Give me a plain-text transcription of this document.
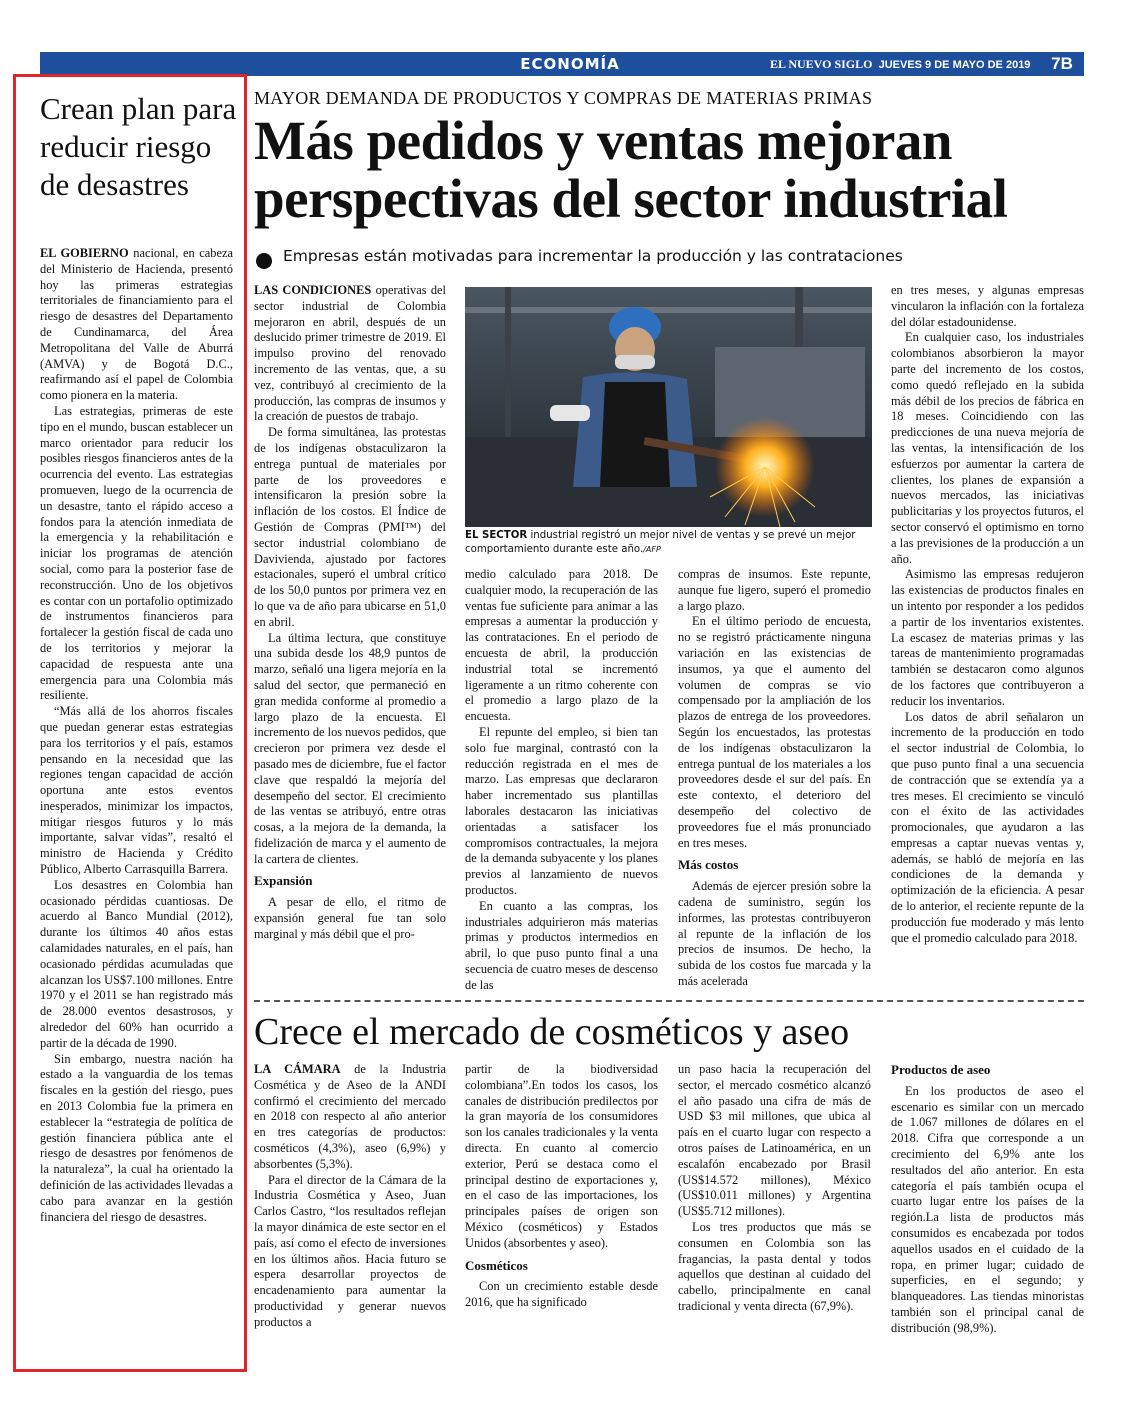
ECONOMÍA	EL NUEVO SIGLO JUEVES 9 DE MAYO DE 2019	7B
Crean plan para reducir riesgo de desastres

EL GOBIERNO nacional, en cabeza del Ministerio de Hacienda, presentó hoy las primeras estrategias territoriales de financiamiento para el riesgo de desastres del Departamento de Cundinamarca, del Área Metropolitana del Valle de Aburrá (AMVA) y de Bogotá D.C., reafirmando así el papel de Colombia como pionera en la materia.

Las estrategias, primeras de este tipo en el mundo, buscan establecer un marco orientador para reducir los posibles riesgos financieros antes de la ocurrencia del evento. Las estrategias promueven, luego de la ocurrencia de un desastre, tanto el rápido acceso a fondos para la atención inmediata de la emergencia y la rehabilitación e iniciar los programas de atención social, como para la posterior fase de reconstrucción. Uno de los objetivos es contar con un portafolio optimizado de instrumentos financieros para fortalecer la gestión fiscal de cada uno de los territorios y mejorar la capacidad de respuesta ante una emergencia para una Colombia más resiliente.

“Más allá de los ahorros fiscales que puedan generar estas estrategias para los territorios y el país, estamos pensando en la necesidad que las regiones tengan capacidad de acción oportuna ante estos eventos inesperados, minimizar los impactos, mitigar riesgos futuros y lo más importante, salvar vidas”, resaltó el ministro de Hacienda y Crédito Público, Alberto Carrasquilla Barrera.

Los desastres en Colombia han ocasionado pérdidas cuantiosas. De acuerdo al Banco Mundial (2012), durante los últimos 40 años estas calamidades naturales, en el país, han ocasionado pérdidas acumuladas que alcanzan los US$7.100 millones. Entre 1970 y el 2011 se han registrado más de 28.000 eventos desastrosos, y alrededor del 60% han ocurrido a partir de la década de 1990.

Sin embargo, nuestra nación ha estado a la vanguardia de los temas fiscales en la gestión del riesgo, pues en 2013 Colombia fue la primera en establecer la “estrategia de política de gestión financiera pública ante el riesgo de desastres por fenómenos de la naturaleza”, la cual ha orientado la definición de las actividades llevadas a cabo para avanzar en la gestión financiera del riesgo de desastres.

MAYOR DEMANDA DE PRODUCTOS Y COMPRAS DE MATERIAS PRIMAS
Más pedidos y ventas mejoran perspectivas del sector industrial
Empresas están motivadas para incrementar la producción y las contrataciones

LAS CONDICIONES operativas del sector industrial de Colombia mejoraron en abril, después de un deslucido primer trimestre de 2019. El impulso provino del renovado incremento de las ventas, que, a su vez, contribuyó al crecimiento de la producción, las compras de insumos y la creación de puestos de trabajo.

De forma simultánea, las protestas de los indígenas obstaculizaron la entrega puntual de materiales por parte de los proveedores e intensificaron la presión sobre la inflación de los costos. El Índice de Gestión de Compras (PMI™) del sector industrial colombiano de Davivienda, ajustado por factores estacionales, superó el umbral crítico de los 50,0 puntos por primera vez en lo que va de año para ubicarse en 51,0 en abril.

La última lectura, que constituye una subida desde los 48,9 puntos de marzo, señaló una ligera mejoría en la salud del sector, que permaneció en gran medida conforme al promedio a largo plazo de la encuesta. El incremento de los nuevos pedidos, que crecieron por primera vez desde el pasado mes de diciembre, fue el factor clave que respaldó la mejoría del desempeño del sector. El crecimiento de las ventas se atribuyó, entre otras cosas, a la mejora de la demanda, la fidelización de marca y el aumento de la cartera de clientes.

Expansión

A pesar de ello, el ritmo de expansión general fue tan solo marginal y más débil que el pro-

EL SECTOR industrial registró un mejor nivel de ventas y se prevé un mejor comportamiento durante este año./AFP

medio calculado para 2018. De cualquier modo, la recuperación de las ventas fue suficiente para animar a las empresas a aumentar la producción y las contrataciones. En el periodo de encuesta de abril, la producción industrial total se incrementó ligeramente a un ritmo coherente con el promedio a largo plazo de la encuesta.

El repunte del empleo, si bien tan solo fue marginal, contrastó con la reducción registrada en el mes de marzo. Las empresas que declararon haber incrementado sus plantillas laborales destacaron las iniciativas orientadas a satisfacer los compromisos contractuales, la mejora de la demanda subyacente y los planes previos al lanzamiento de nuevos productos.

En cuanto a las compras, los industriales adquirieron más materias primas y productos intermedios en abril, lo que puso punto final a una secuencia de cuatro meses de descenso de las

compras de insumos. Este repunte, aunque fue ligero, superó el promedio a largo plazo.

En el último periodo de encuesta, no se registró prácticamente ninguna variación en las existencias de insumos, ya que el aumento del volumen de compras se vio compensado por la ampliación de los plazos de entrega de los proveedores. Según los encuestados, las protestas de los indígenas obstaculizaron la entrega puntual de los materiales a los proveedores desde el sur del país. En este contexto, el deterioro del desempeño del colectivo de proveedores fue el más pronunciado en tres meses.

Más costos

Además de ejercer presión sobre la cadena de suministro, según los informes, las protestas contribuyeron al repunte de la inflación de los precios de insumos. De hecho, la subida de los costos fue marcada y la más acelerada

en tres meses, y algunas empresas vincularon la inflación con la fortaleza del dólar estadounidense.

En cualquier caso, los industriales colombianos absorbieron la mayor parte del incremento de los costos, como quedó reflejado en la subida más débil de los precios de fábrica en 18 meses. Coincidiendo con las predicciones de una nueva mejoría de las ventas, la intensificación de los esfuerzos por aumentar la cartera de clientes, los planes de expansión a nuevos mercados, las iniciativas publicitarias y los proyectos futuros, el sector conservó el optimismo en torno a las previsiones de la producción a un año.

Asimismo las empresas redujeron las existencias de productos finales en un intento por responder a los pedidos a partir de los inventarios existentes. La escasez de materias primas y las tareas de mantenimiento programadas también se destacaron como algunos de los factores que contribuyeron a reducir los inventarios.

Los datos de abril señalaron un incremento de la producción en todo el sector industrial de Colombia, lo que puso punto final a una secuencia de contracción que se extendía ya a tres meses. El crecimiento se vinculó con el éxito de las actividades promocionales, que ayudaron a las empresas a captar nuevas ventas y, además, se habló de mejoría en las condiciones de la demanda y optimización de la eficiencia. A pesar de lo anterior, el reciente repunte de la producción fue moderado y más lento que el promedio calculado para 2018.

Crece el mercado de cosméticos y aseo

LA CÁMARA de la Industria Cosmética y de Aseo de la ANDI confirmó el crecimiento del mercado en 2018 con respecto al año anterior en tres categorías de productos: cosméticos (4,3%), aseo (6,9%) y absorbentes (5,3%).

Para el director de la Cámara de la Industria Cosmética y Aseo, Juan Carlos Castro, “los resultados reflejan la mayor dinámica de este sector en el país, así como el efecto de inversiones en los últimos años. Hacia futuro se espera desarrollar proyectos de encadenamiento para aumentar la productividad y generar nuevos productos a

partir de la biodiversidad colombiana”.En todos los casos, los canales de distribución predilectos por la gran mayoría de los consumidores son los canales tradicionales y la venta directa. En cuanto al comercio exterior, Perú se destaca como el principal destino de exportaciones y, en el caso de las importaciones, los principales países de origen son México (cosméticos) y Estados Unidos (absorbentes y aseo).

Cosméticos

Con un crecimiento estable desde 2016, que ha significado

un paso hacia la recuperación del sector, el mercado cosmético alcanzó el año pasado una cifra de más de USD $3 mil millones, que ubica al país en el cuarto lugar con respecto a otros países de Latinoamérica, en un escalafón encabezado por Brasil (US$14.572 millones), México (US$10.011 millones) y Argentina (US$5.712 millones).

Los tres productos que más se consumen en Colombia son las fragancias, la pasta dental y todos aquellos que destinan al cuidado del cabello, principalmente en canal tradicional y venta directa (67,9%).

Productos de aseo

En los productos de aseo el escenario es similar con un mercado de 1.067 millones de dólares en el 2018. Cifra que corresponde a un crecimiento del 6,9% ante los resultados del año anterior. En esta categoría el país también ocupa el cuarto lugar entre los países de la región.La lista de productos más consumidos es encabezada por todos aquellos usados en el cuidado de la ropa, en primer lugar; cuidado de superficies, en el segundo; y blanqueadores. Las tiendas minoristas también son el principal canal de distribución (98,9%).
